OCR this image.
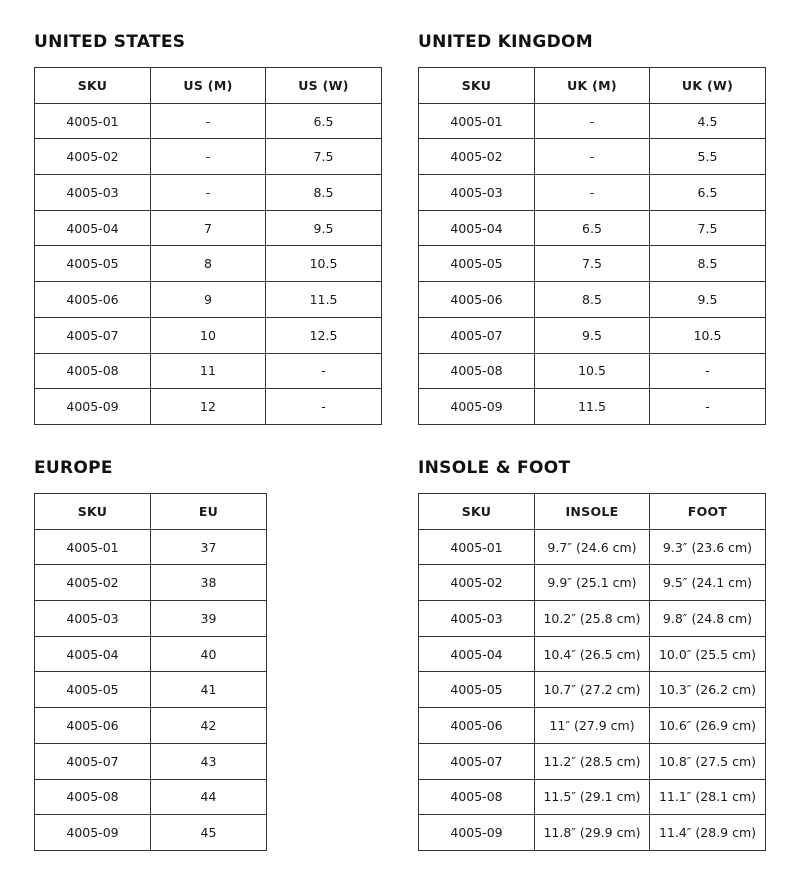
UNITED STATES
SKU	US (M)	US (W)
4005-01	-	6.5
4005-02	-	7.5
4005-03	-	8.5
4005-04	7	9.5
4005-05	8	10.5
4005-06	9	11.5
4005-07	10	12.5
4005-08	11	-
4005-09	12	-
UNITED KINGDOM
SKU	UK (M)	UK (W)
4005-01	-	4.5
4005-02	-	5.5
4005-03	-	6.5
4005-04	6.5	7.5
4005-05	7.5	8.5
4005-06	8.5	9.5
4005-07	9.5	10.5
4005-08	10.5	-
4005-09	11.5	-
EUROPE
SKU	EU
4005-01	37
4005-02	38
4005-03	39
4005-04	40
4005-05	41
4005-06	42
4005-07	43
4005-08	44
4005-09	45
INSOLE & FOOT
SKU	INSOLE	FOOT
4005-01	9.7″ (24.6 cm)	9.3″ (23.6 cm)
4005-02	9.9″ (25.1 cm)	9.5″ (24.1 cm)
4005-03	10.2″ (25.8 cm)	9.8″ (24.8 cm)
4005-04	10.4″ (26.5 cm)	10.0″ (25.5 cm)
4005-05	10.7″ (27.2 cm)	10.3″ (26.2 cm)
4005-06	11″ (27.9 cm)	10.6″ (26.9 cm)
4005-07	11.2″ (28.5 cm)	10.8″ (27.5 cm)
4005-08	11.5″ (29.1 cm)	11.1″ (28.1 cm)
4005-09	11.8″ (29.9 cm)	11.4″ (28.9 cm)
